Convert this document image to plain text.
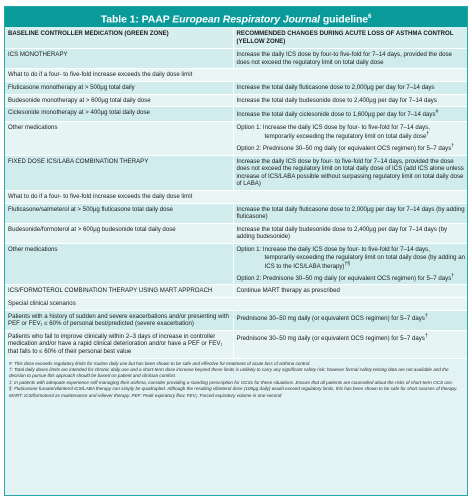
Table 1: PAAP European Respiratory Journal guideline$^6$
BASELINE CONTROLLER MEDICATION (GREEN ZONE)	RECOMMENDED CHANGES DURING ACUTE LOSS OF ASTHMA CONTROL (YELLOW ZONE)
ICS MONOTHERAPY	Increase the daily ICS dose by four-to five-fold for 7–14 days, provided the dose does not exceed the regulatory limit on total daily dose
What to do if a four- to five-fold increase exceeds the daily dose limit	
Fluticasone monotherapy at > 500µg total daily	Increase the total daily fluticasone dose to 2,000µg per day for 7–14 days
Budesonide monotherapy at > 600µg total daily dose	Increase the total daily budesonide dose to 2,400µg per day for 7–14 days
Ciclesonide monotherapy at > 400µg total daily dose	Increase the total daily ciclesonide dose to 1,600µg per day for 7–14 days#
Other medications	Option 1: Increase the daily ICS dose by four- to five-fold for 7–14 days,
temporarily exceeding the regulatory limit on total daily dose†
Option 2: Prednisone 30–50 mg daily (or equivalent OCS regimen) for 5–7 days†

FIXED DOSE ICS/LABA COMBINATION THERAPY	Increase the daily ICS dose by four- to five-fold for 7–14 days, provided the dose does not exceed the regulatory limit on total daily dose of ICS (add ICS alone unless increase of ICS/LABA possible without surpassing regulatory limit on total daily dose of LABA)
What to do if a four- to five-fold increase exceeds the daily dose limit	
Fluticasone/salmeterol at > 500µg fluticasone total daily dose	Increase the total daily fluticasone dose to 2,000µg per day for 7–14 days (by adding fluticasone)
Budesonide/formoterol at > 600µg budesonide total daily dose	Increase the total daily budesonide dose to 2,400µg per day for 7–14 days (by adding budesonide)
Other medications	Option 1: Increase the daily ICS dose by four- to five-fold for 7–14 days,
temporarily exceeding the regulatory limit on total daily dose (by adding an ICS to the ICS/LABA therapy)†§
Option 2: Prednisone 30–50 mg daily (or equivalent OCS regimen) for 5–7 days†

ICS/FORMOTEROL COMBINATION THERAPY USING MART APPROACH	Continue MART therapy as prescribed
Special clinical scenarios	
Patients with a history of sudden and severe exacerbations and/or presenting with PEF or FEV₁ ≤ 60% of personal best/predicted (severe exacerbation)	Prednisone 30–50 mg daily (or equivalent OCS regimen) for 5–7 days†
Patients who fail to improve clinically within 2–3 days of increase in controller medication and/or have a rapid clinical deterioration and/or have a PEF or FEV₁ that falls to ≤ 60% of their personal best value	Prednisone 30–50 mg daily (or equivalent OCS regimen) for 5–7 days†

#: This dose exceeds regulatory limits for routine daily use but has been shown to be safe and effective for treatment of acute loss of asthma control.

†: Total daily doses limits are intended for chronic daily use and a short-term dose increase beyond these limits is unlikely to carry any significant safety risk; however formal safety testing data are not available and the decision to pursue this approach should be based on patient and clinician comfort.

‡: In patients with adequate experience self-managing their asthma, consider providing a standing prescription for OCSs for these situations. Ensure that all patients are counselled about the risks of short-term OCS use.

§: Fluticasone furoate/vilanterol ICS/LABA therapy can simply be quadrupled. Although the resulting vilanterol dose (100µg daily) would exceed regulatory limits, this has been shown to be safe for short courses of therapy.

MART: ICS/formoterol as maintenance and reliever therapy. PEF: Peak expiratory flow. FEV₁: Forced expiratory volume in one second
